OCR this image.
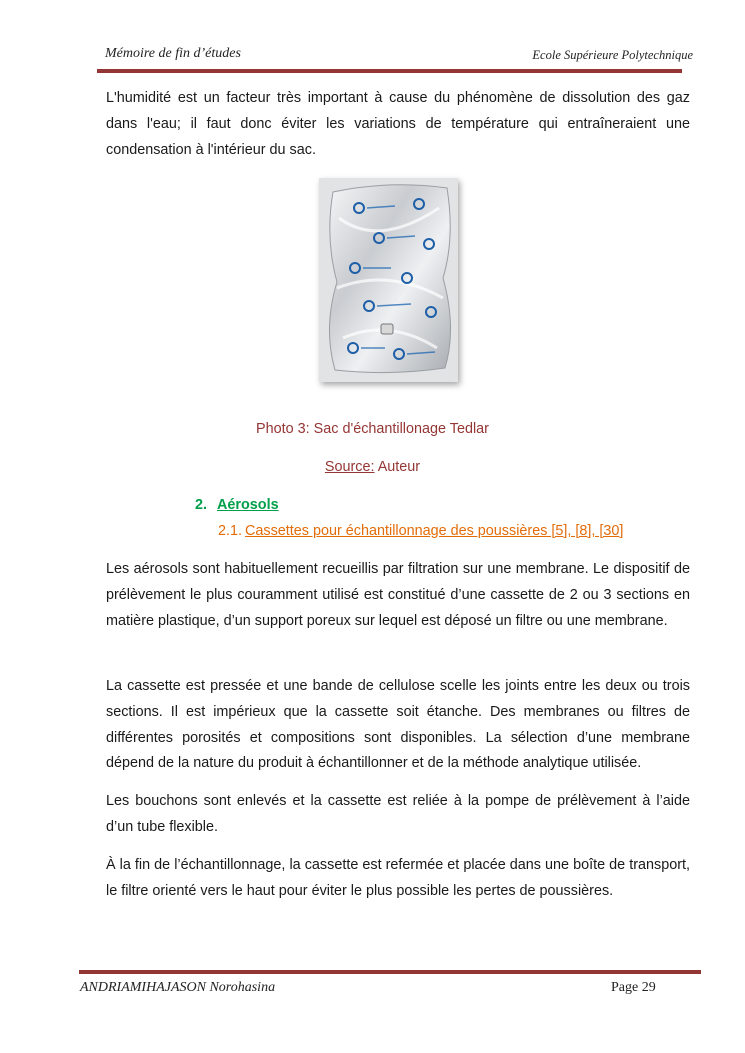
Mémoire de fin d’études	Ecole Supérieure Polytechnique

L'humidité est un facteur très important à cause du phénomène de dissolution des gaz dans l'eau; il faut donc éviter les variations de température qui entraîneraient une condensation à l'intérieur du sac.

Photo 3: Sac d'échantillonage Tedlar
Source: Auteur
2. Aérosols
2.1. Cassettes pour échantillonnage des poussières [5], [8], [30]

Les aérosols sont habituellement recueillis par filtration sur une membrane. Le dispositif de prélèvement le plus couramment utilisé est constitué d’une cassette de 2 ou 3 sections en matière plastique, d’un support poreux sur lequel est déposé un filtre ou une membrane.

La cassette est pressée et une bande de cellulose scelle les joints entre les deux ou trois sections. Il est impérieux que la cassette soit étanche. Des membranes ou filtres de différentes porosités et compositions sont disponibles. La sélection d’une membrane dépend de la nature du produit à échantillonner et de la méthode analytique utilisée.

Les bouchons sont enlevés et la cassette est reliée à la pompe de prélèvement à l’aide d’un tube flexible.

À la fin de l’échantillonnage, la cassette est refermée et placée dans une boîte de transport, le filtre orienté vers le haut pour éviter le plus possible les pertes de poussières.

ANDRIAMIHAJASON Norohasina	Page 29
